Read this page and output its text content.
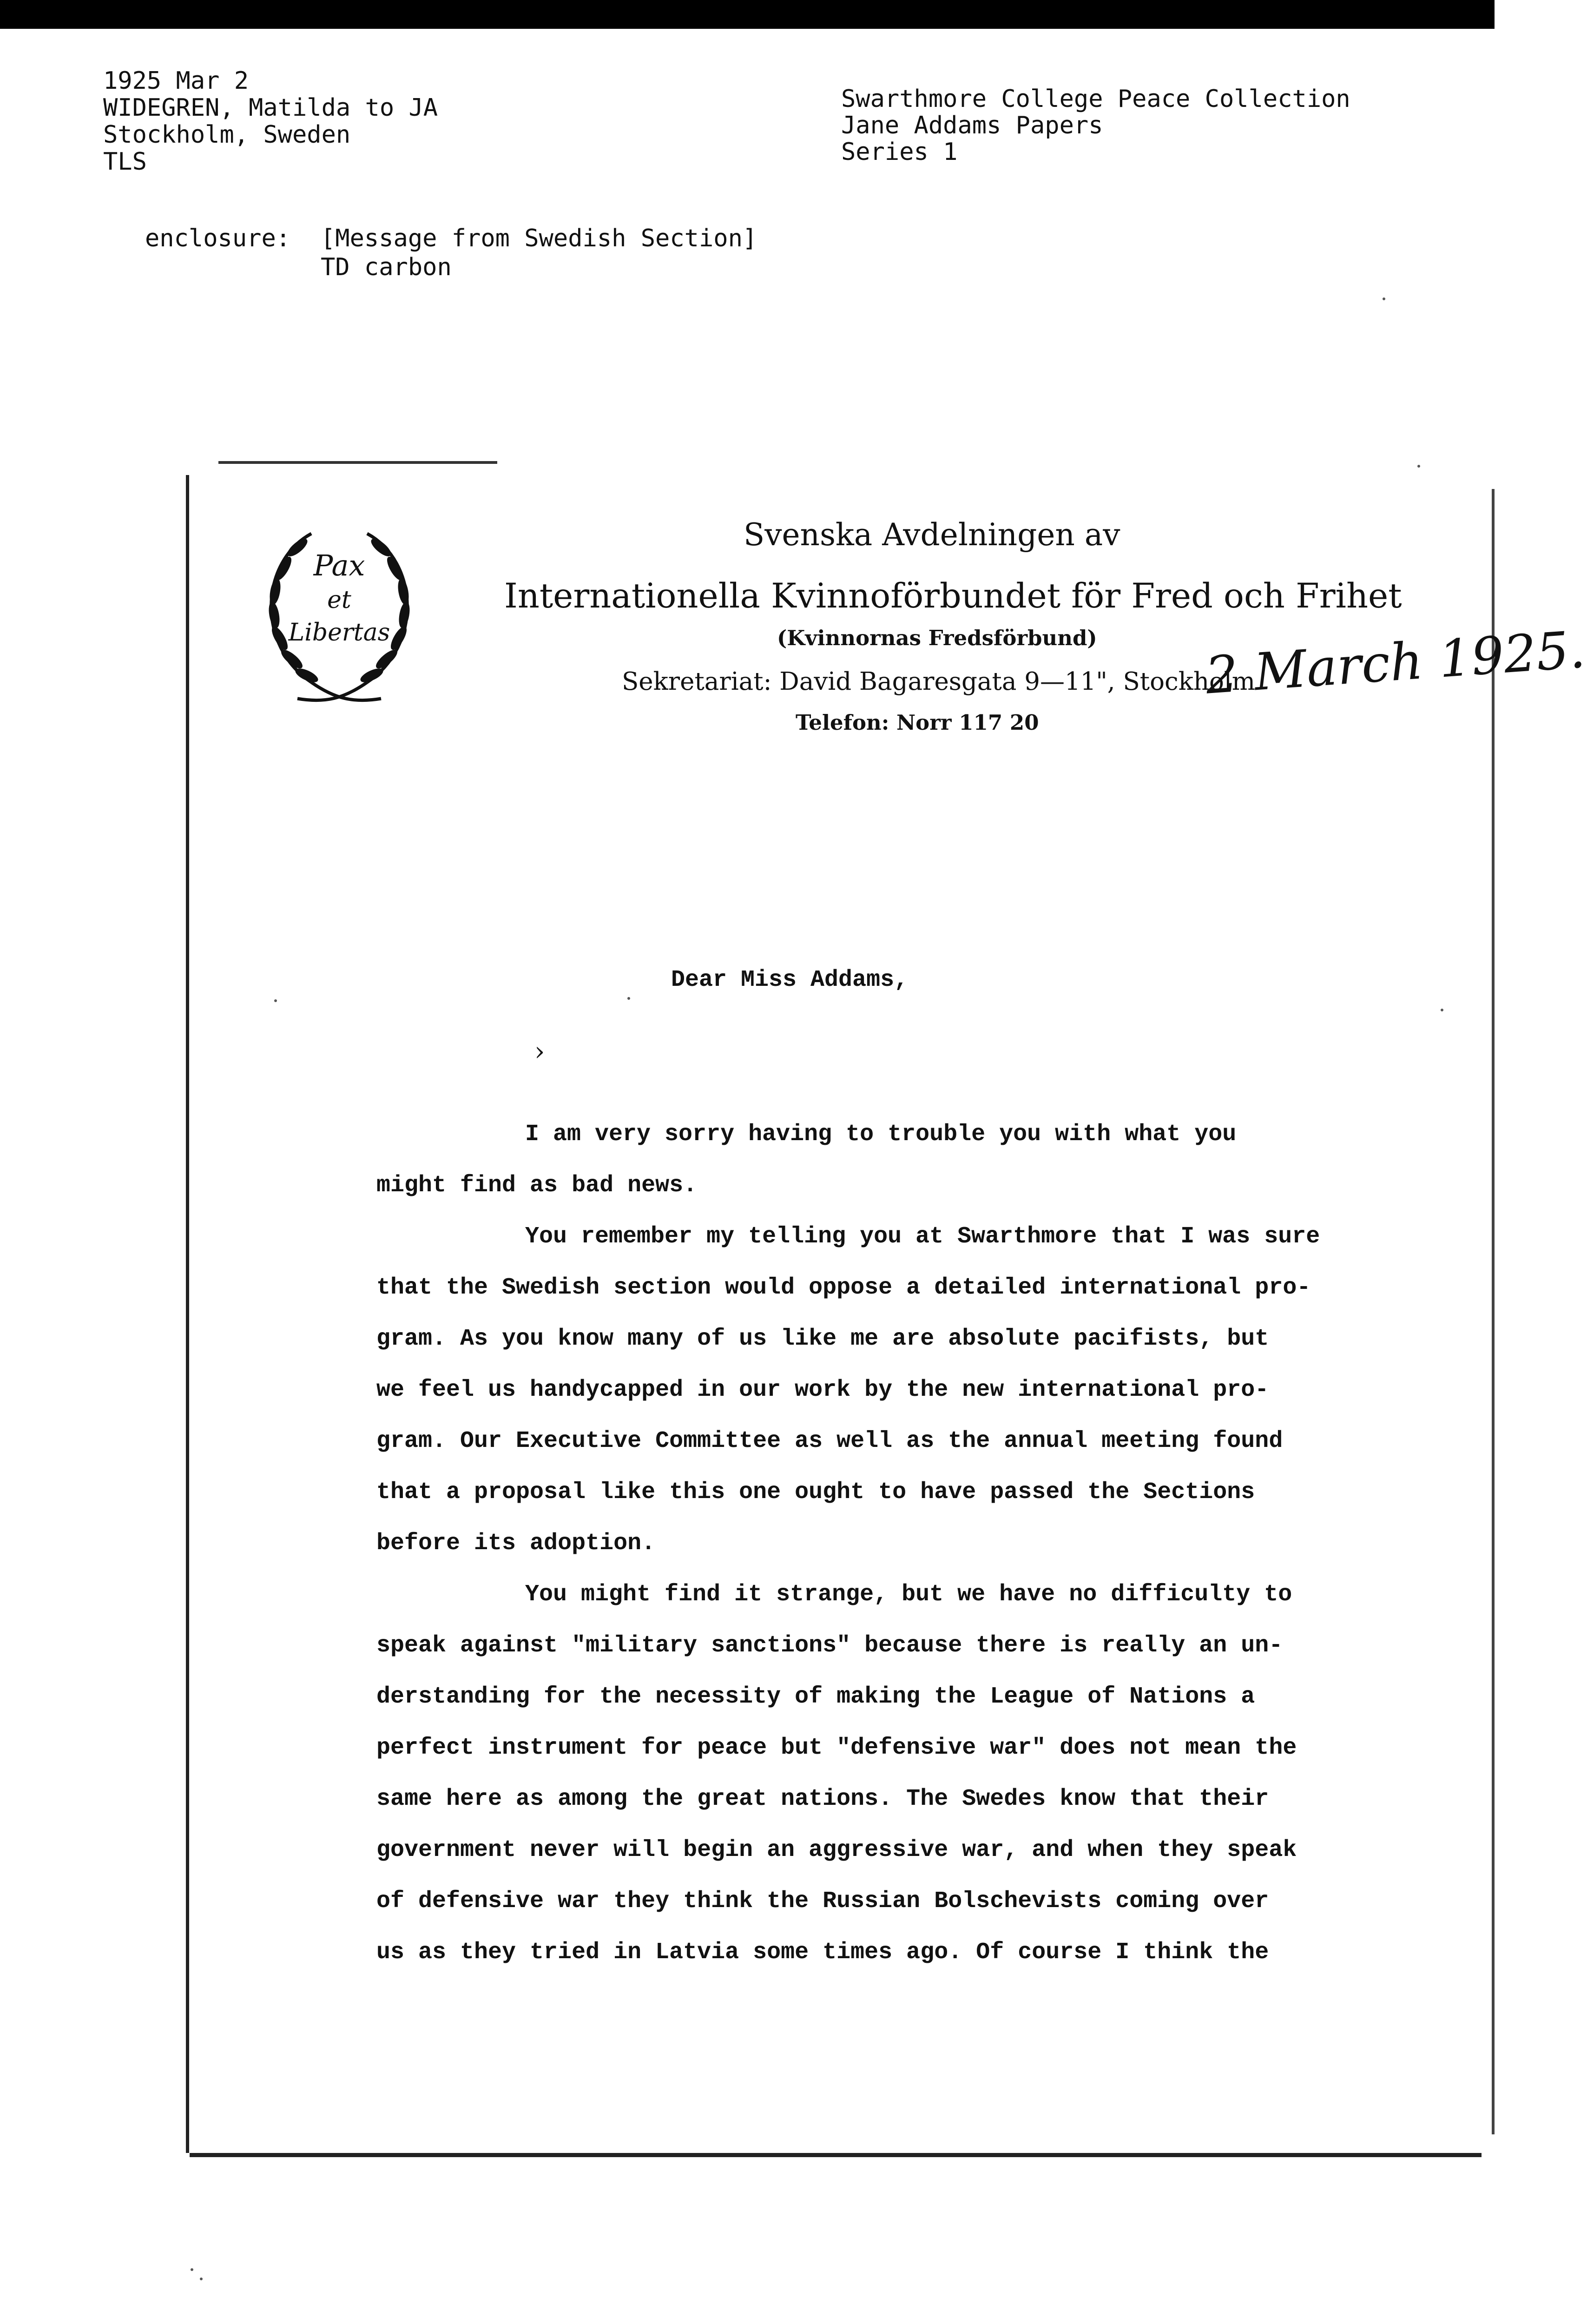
1925 Mar 2
WIDEGREN, Matilda to JA
Stockholm, Sweden
TLS
Swarthmore College Peace Collection
Jane Addams Papers
Series 1
enclosure: [Message from Swedish Section]
TD carbon
Pax
et
Libertas
Svenska Avdelningen av
Internationella Kvinnoförbundet för Fred och Frihet
(Kvinnornas Fredsförbund)
Sekretariat: David Bagaresgata 9—11", Stockholm
2 March 1925.
Telefon: Norr 117 20
Dear Miss Addams,
›
I am very sorry having to trouble you with what you
might find as bad news.
You remember my telling you at Swarthmore that I was sure
that the Swedish section would oppose a detailed international pro-
gram. As you know many of us like me are absolute pacifists, but
we feel us handycapped in our work by the new international pro-
gram. Our Executive Committee as well as the annual meeting found
that a proposal like this one ought to have passed the Sections
before its adoption.
You might find it strange, but we have no difficulty to
speak against "military sanctions" because there is really an un-
derstanding for the necessity of making the League of Nations a
perfect instrument for peace but "defensive war" does not mean the
same here as among the great nations. The Swedes know that their
government never will begin an aggressive war, and when they speak
of defensive war they think the Russian Bolschevists coming over
us as they tried in Latvia some times ago. Of course I think the
